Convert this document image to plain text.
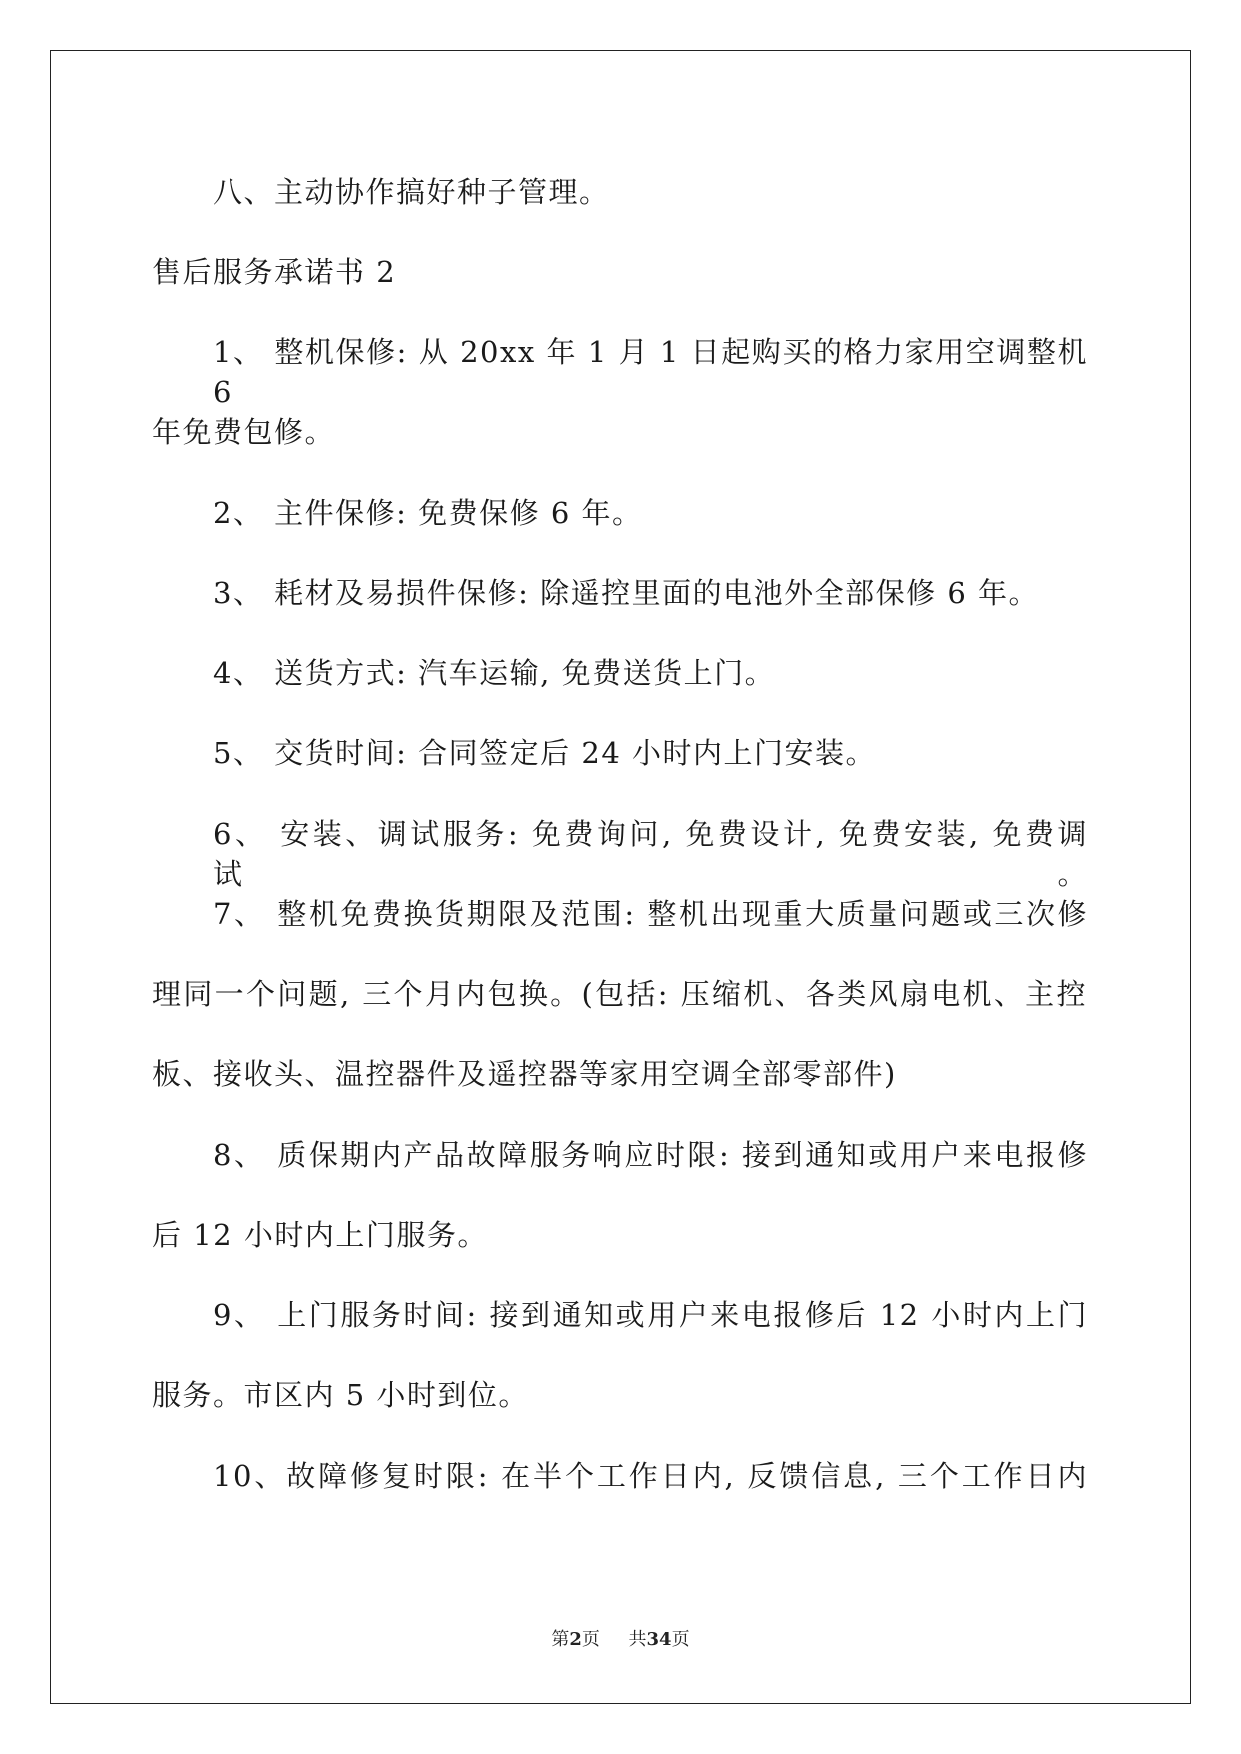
八、主动协作搞好种子管理。
售后服务承诺书 2
1、 整机保修: 从 20xx 年 1 月 1 日起购买的格力家用空调整机 6
年免费包修。
2、 主件保修: 免费保修 6 年。
3、 耗材及易损件保修: 除遥控里面的电池外全部保修 6 年。
4、 送货方式: 汽车运输, 免费送货上门。
5、 交货时间: 合同签定后 24 小时内上门安装。
6、 安装、调试服务: 免费询问, 免费设计, 免费安装, 免费调试。
7、 整机免费换货期限及范围: 整机出现重大质量问题或三次修
理同一个问题, 三个月内包换。(包括: 压缩机、各类风扇电机、主控
板、接收头、温控器件及遥控器等家用空调全部零部件)
8、 质保期内产品故障服务响应时限: 接到通知或用户来电报修
后 12 小时内上门服务。
9、 上门服务时间: 接到通知或用户来电报修后 12 小时内上门
服务。市区内 5 小时到位。
10、故障修复时限: 在半个工作日内, 反馈信息, 三个工作日内
第2页 共34页
